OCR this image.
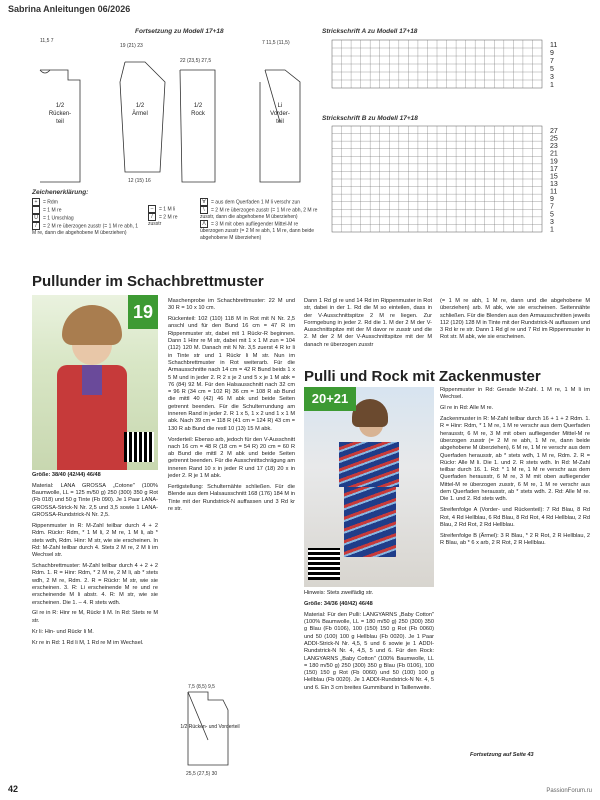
Sabrina Anleitungen 06/2026
Fortsetzung zu Modell 17+18
11,5 7
19 (21) 23
22 (23,5) 27,5
7 11,5 (11,5)
12 (15) 16
1/2
Rücken-
teil
1/2
Ärmel
1/2
Rock
Li
Vorder-
teil
Strickschrift A zu Modell 17+18
11
9
7
5
3
1
Strickschrift B zu Modell 17+18
27
25
23
21
19
17
15
13
11
9
7
5
3
1
Zeichenerklärung:
+ = Rdm
= 1 M re
U = 1 Umschlag
/ = 2 M re überzogen zusstr (= 1 M re abh, 1 M re, dann die abgehobene M überziehen)

– = 1 M li
/ = 2 M re zusstr
∀ = aus dem Querfaden 1 M li verschr zun
\ = 2 M re überzogen zusstr (= 1 M re abh, 2 M re zusstr, dann die abgehobene M überziehen)
Λ = 3 M mit oben aufliegender Mittel-M re überzogen zusstr (= 2 M re abh, 1 M re, dann beide abgehobene M überziehen)
Pullunder im Schachbrettmuster
19

Größe: 38/40 (42/44) 46/48

Material: LANA GROSSA „Cotone" (100% Baumwolle, LL = 125 m/50 g) 250 (300) 350 g Rot (Fb 018) und 50 g Tinte (Fb 090). Je 1 Paar LANA-GROSSA-Strick-N Nr. 2,5 und 3,5 sowie 1 LANA-GROSSA-Rundstrick-N Nr. 2,5.

Rippenmuster in R: M-Zahl teilbar durch 4 + 2 Rdm. Rückr: Rdm, * 1 M li, 2 M re, 1 M li, ab * stets wdh, Rdm. Hinr: M str, wie sie erscheinen. In Rd: M-Zahl teilbar durch 4. Stets 2 M re, 2 M li im Wechsel str.

Schachbrettmuster: M-Zahl teilbar durch 4 + 2 + 2 Rdm. 1. R = Hinr: Rdm, * 2 M re, 2 M li, ab * stets wdh, 2 M re, Rdm. 2. R = Rückr: M str, wie sie erscheinen. 3. R: Li erscheinende M re und re erscheinende M li abstr. 4. R: M str, wie sie erscheinen. Die 1. – 4. R stets wdh.

Gl re in R: Hinr re M, Rückr li M. In Rd: Stets re M str.

Kr li: Hin- und Rückr li M.

Kr re in Rd: 1 Rd li M, 1 Rd re M im Wechsel.

Maschenprobe im Schachbrettmuster: 22 M und 30 R = 10 x 10 cm.

Rückenteil: 102 (110) 118 M in Rot mit N Nr. 2,5 anschl und für den Bund 16 cm = 47 R im Rippenmuster str, dabei mit 1 Rückr-R beginnen. Dann 1 Hinr re M str, dabei mit 1 x 1 M zun = 104 (112) 120 M. Danach mit N Nr. 3,5 zuerst 4 R kr li in Tinte str und 1 Rückr li M str. Nun im Schachbrettmuster in Rot weiterarb. Für die Armausschnitte nach 14 cm = 42 R Bund beids 1 x 5 M und in jeder 2. R 2 x je 2 und 5 x je 1 M abk = 76 (84) 92 M. Für den Halsausschnitt nach 32 cm = 96 R (34 cm = 102 R) 36 cm = 108 R ab Bund die mittl 40 (42) 46 M abk und beide Seiten getrennt beenden. Für die Schulterrundung am inneren Rand in jeder 2. R 1 x 5, 1 x 2 und 1 x 1 M abk. Nach 39 cm = 118 R (41 cm = 124 R) 43 cm = 130 R ab Bund die restl 10 (13) 15 M abk.

Vorderteil: Ebenso arb, jedoch für den V-Ausschnitt nach 16 cm = 48 R (18 cm = 54 R) 20 cm = 60 R ab Bund die mittl 2 M abk und beide Seiten getrennt beenden. Für die Ausschnittschrägung am inneren Rand 10 x in jeder R und 17 (18) 20 x in jeder 2. R je 1 M abk.

Fertigstellung: Schulternähte schließen. Für die Blende aus dem Halsausschnitt 168 (176) 184 M in Tinte mit der Rundstrick-N auffassen und 3 Rd kr re str.

7,5 (8,5) 9,5
25,5 (27,5) 30
1/2 Rücken- und Vorderteil

Dann 1 Rd gl re und 14 Rd im Rippenmuster in Rot str, dabei in der 1. Rd die M so einteilen, dass in der V-Ausschnittspitze 2 M re liegen. Zur Formgebung in jeder 2. Rd die 1. M der 2 M der V-Ausschnittspitze mit der M davor re zusstr und die 2. M der 2 M der V-Ausschnittspitze mit der M danach re überzogen zusstr

(= 1 M re abh, 1 M re, dann und die abgehobene M überziehen) arb. M abk, wie sie erscheinen. Seitennähte schließen. Für die Blenden aus den Armausschnitten jeweils 112 (120) 128 M in Tinte mit der Rundstrick-N auffassen und 3 Rd kr re str. Dann 1 Rd gl re und 7 Rd im Rippenmuster in Rot str. M abk, wie sie erscheinen.

Pulli und Rock mit Zackenmuster
20+21

Hinweis: Stets zweifädig str.

Größe: 34/36 (40/42) 46/48

Material: Für den Pulli: LANGYARNS „Baby Cotton" (100% Baumwolle, LL = 180 m/50 g) 250 (300) 350 g Blau (Fb 0106), 100 (150) 150 g Rot (Fb 0060) und 50 (100) 100 g Hellblau (Fb 0020). Je 1 Paar ADDI-Strick-N Nr. 4,5, 5 und 6 sowie je 1 ADDI-Rundstrick-N Nr. 4, 4,5, 5 und 6. Für den Rock: LANGYARNS „Baby Cotton" (100% Baumwolle, LL = 180 m/50 g) 250 (300) 350 g Blau (Fb 0106), 100 (150) 150 g Rot (Fb 0060) und 50 (100) 100 g Hellblau (Fb 0020). Je 1 ADDI-Rundstrick-N Nr. 4, 5 und 6. Ein 3 cm breites Gummiband in Taillenweite.

Rippenmuster in Rd: Gerade M-Zahl. 1 M re, 1 M li im Wechsel.

Gl re in Rd: Alle M re.

Zackenmuster in R: M-Zahl teilbar durch 16 + 1 + 2 Rdm. 1. R = Hinr: Rdm, * 1 M re, 1 M re verschr aus dem Querfaden herausstr, 6 M re, 3 M mit oben aufliegender Mittel-M re überzogen zusstr (= 2 M re abh, 1 M re, dann beide abgehobene M überziehen), 6 M re, 1 M re verschr aus dem Querfaden herausstr, ab * stets wdh, 1 M re, Rdm. 2. R = Rückr: Alle M li. Die 1. und 2. R stets wdh. In Rd: M-Zahl teilbar durch 16. 1. Rd: * 1 M re, 1 M re verschr aus dem Querfaden herausstr, 6 M re, 3 M mit oben aufliegender Mittel-M re überzogen zusstr, 6 M re, 1 M re verschr aus dem Querfaden herausstr, ab * stets wdh. 2. Rd: Alle M re. Die 1. und 2. Rd stets wdh.

Streifenfolge A (Vorder- und Rückenteil): 7 Rd Blau, 8 Rd Rot, 4 Rd Hellblau, 6 Rd Blau, 8 Rd Rot, 4 Rd Hellblau, 2 Rd Blau, 2 Rd Rot, 2 Rd Hellblau.

Streifenfolge B (Ärmel): 3 R Blau, * 2 R Rot, 2 R Hellblau, 2 R Blau, ab * 6 x arb, 2 R Rot, 2 R Hellblau.

Fortsetzung auf Seite 43
42	PassionForum.ru
